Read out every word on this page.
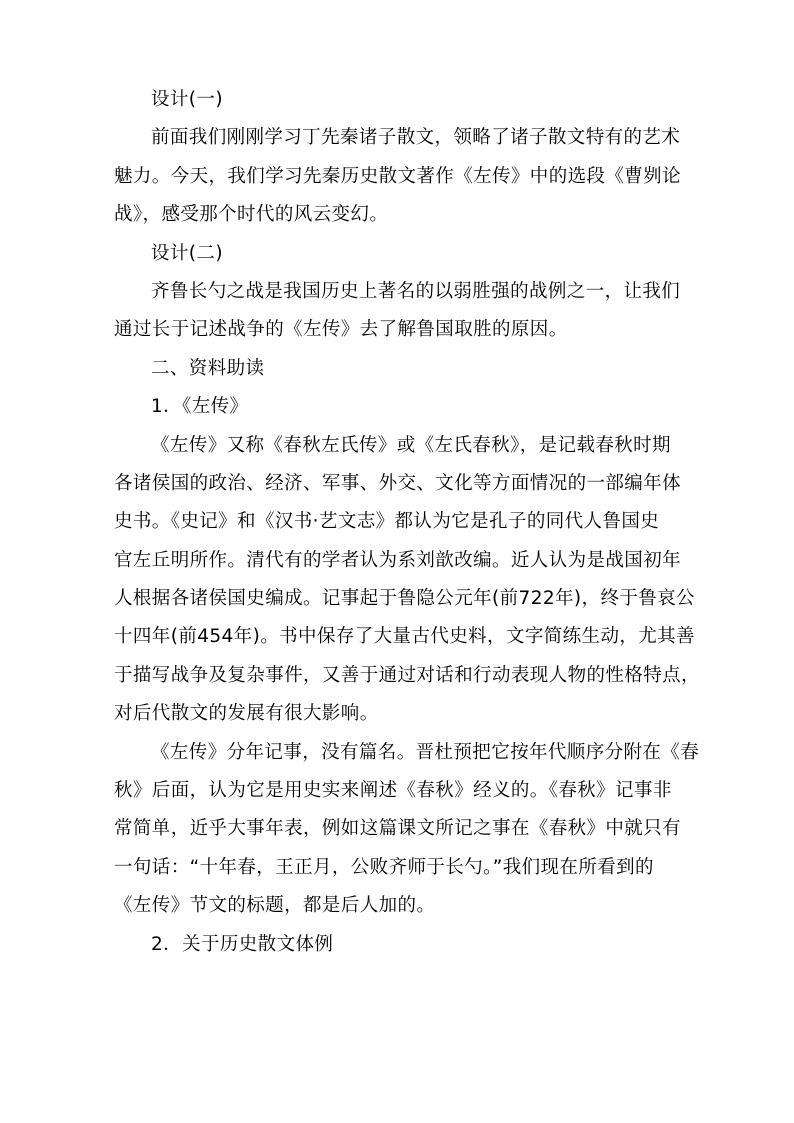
设计(一)
前面我们刚刚学习丁先秦诸子散文，领略了诸子散文特有的艺术
魅力。今天，我们学习先秦历史散文著作《左传》中的选段《曹刿论
战》，感受那个时代的风云变幻。
设计(二)
齐鲁长勺之战是我国历史上著名的以弱胜强的战例之一，让我们
通过长于记述战争的《左传》去了解鲁国取胜的原因。
二、资料助读
1．《左传》
《左传》又称《春秋左氏传》或《左氏春秋》，是记载春秋时期
各诸侯国的政治、经济、军事、外交、文化等方面情况的一部编年体
史书。《史记》和《汉书·艺文志》都认为它是孔子的同代人鲁国史
官左丘明所作。清代有的学者认为系刘歆改编。近人认为是战国初年
人根据各诸侯国史编成。记事起于鲁隐公元年(前722年)，终于鲁哀公
十四年(前454年)。书中保存了大量古代史料，文字简练生动，尤其善
于描写战争及复杂事件，又善于通过对话和行动表现人物的性格特点，
对后代散文的发展有很大影响。
《左传》分年记事，没有篇名。晋杜预把它按年代顺序分附在《春
秋》后面，认为它是用史实来阐述《春秋》经义的。《春秋》记事非
常简单，近乎大事年表，例如这篇课文所记之事在《春秋》中就只有
一句话：“十年春，王正月，公败齐师于长勺。”我们现在所看到的
《左传》节文的标题，都是后人加的。
2．关于历史散文体例
